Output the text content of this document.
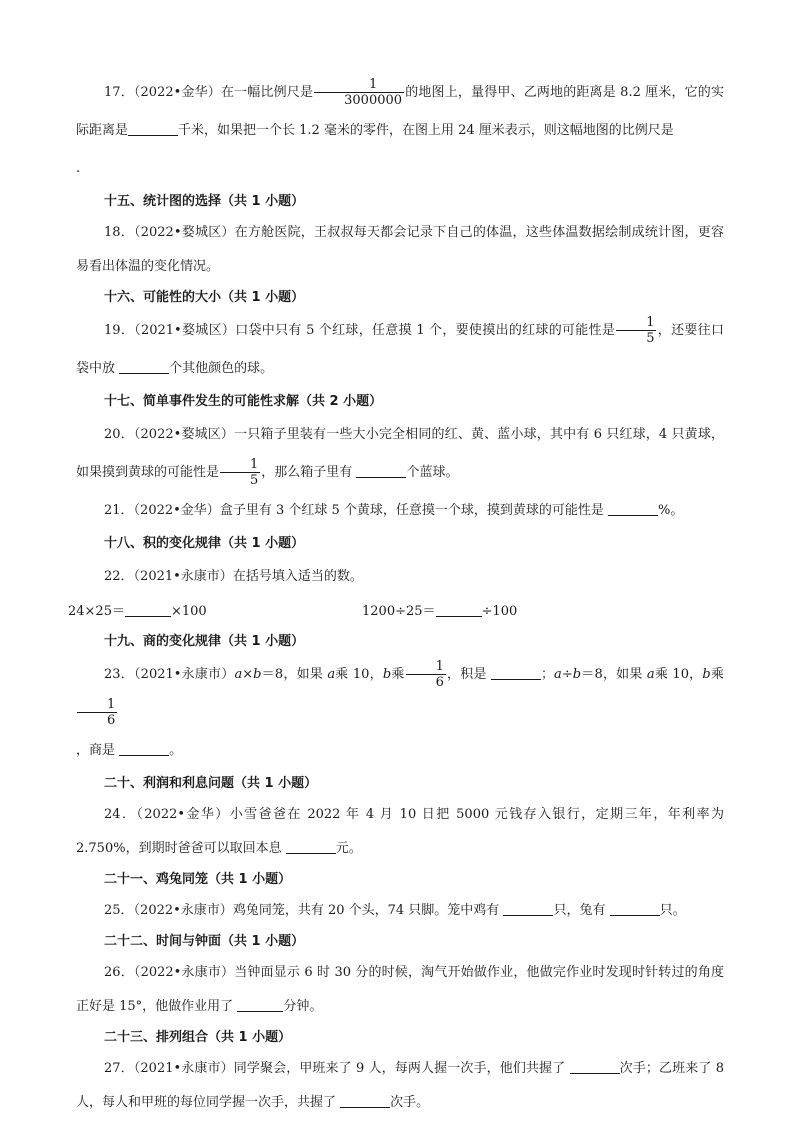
17．（2022•金华）在一幅比例尺是 $\frac{1}{3000000}$ 的地图上，量得甲、乙两地的距离是 8.2 厘米，它的实际距离是	千米，如果把一个长 1.2 毫米的零件，在图上用 24 厘米表示，则这幅地图的比例尺是
.

十五、统计图的选择（共 1 小题）

18．（2022•婺城区）在方舱医院，王叔叔每天都会记录下自己的体温，这些体温数据绘制成统计图，更容易看出体温的变化情况。

十六、可能性的大小（共 1 小题）

19．（2021•婺城区）口袋中只有 5 个红球，任意摸 1 个，要使摸出的红球的可能性是 $\frac{1}{5}$ ，还要往口袋中放	个其他颜色的球。

十七、简单事件发生的可能性求解（共 2 小题）

20．（2022•婺城区）一只箱子里装有一些大小完全相同的红、黄、蓝小球，其中有 6 只红球，4 只黄球，如果摸到黄球的可能性是 $\frac{1}{5}$ ，那么箱子里有	个蓝球。

21．（2022•金华）盒子里有 3 个红球 5 个黄球，任意摸一个球，摸到黄球的可能性是	%。

十八、积的变化规律（共 1 小题）

22．（2021•永康市）在括号填入适当的数。

24×25＝	×100	1200÷25＝	÷100

十九、商的变化规律（共 1 小题）

23．（2021•永康市）a×b＝8，如果 a乘 10，b乘 $\frac{1}{6}$ ，积是	；a÷b＝8，如果 a乘 10，b乘
$\frac{1}{6}$

，商是	。

二十、利润和利息问题（共 1 小题）

24．（2022•金华）小雪爸爸在 2022 年 4 月 10 日把 5000 元钱存入银行，定期三年，年利率为 2.750%，到期时爸爸可以取回本息	元。

二十一、鸡兔同笼（共 1 小题）

25．（2022•永康市）鸡兔同笼，共有 20 个头，74 只脚。笼中鸡有	只，兔有	只。

二十二、时间与钟面（共 1 小题）

26．（2022•永康市）当钟面显示 6 时 30 分的时候，淘气开始做作业，他做完作业时发现时针转过的角度正好是 15°，他做作业用了	分钟。

二十三、排列组合（共 1 小题）

27．（2021•永康市）同学聚会，甲班来了 9 人，每两人握一次手，他们共握了	次手；乙班来了 8 人，每人和甲班的每位同学握一次手，共握了	次手。
